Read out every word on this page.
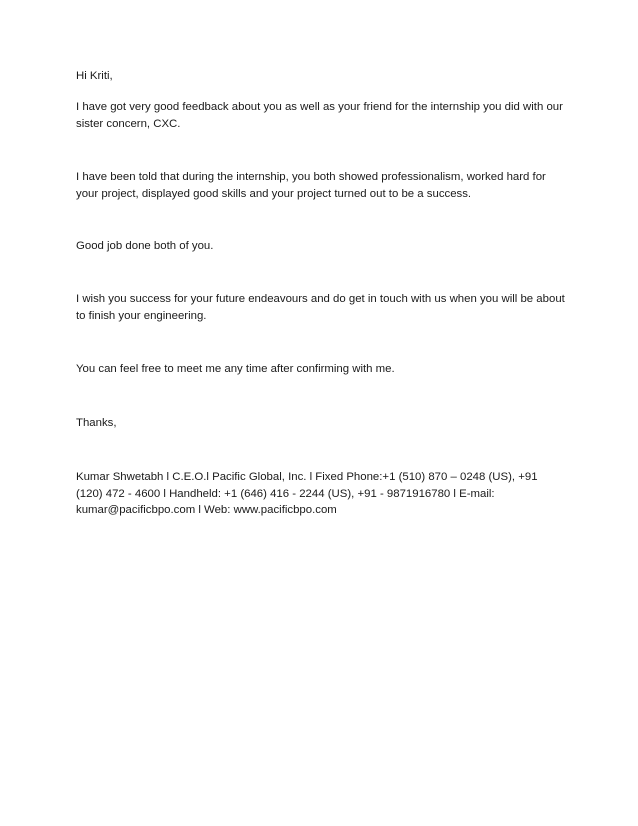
Hi Kriti,

I have got very good feedback about you as well as your friend for the internship you did with our sister concern, CXC.

I have been told that during the internship, you both showed professionalism, worked hard for your project, displayed good skills and your project turned out to be a success.

Good job done both of you.

I wish you success for your future endeavours and do get in touch with us when you will be about to finish your engineering.

You can feel free to meet me any time after confirming with me.

Thanks,

Kumar Shwetabh l C.E.O.l Pacific Global, Inc. l Fixed Phone:+1 (510) 870 – 0248 (US), +91 (120) 472 - 4600 l Handheld: +1 (646) 416 - 2244 (US), +91 - 9871916780 l E-mail: kumar@pacificbpo.com l Web: www.pacificbpo.com
